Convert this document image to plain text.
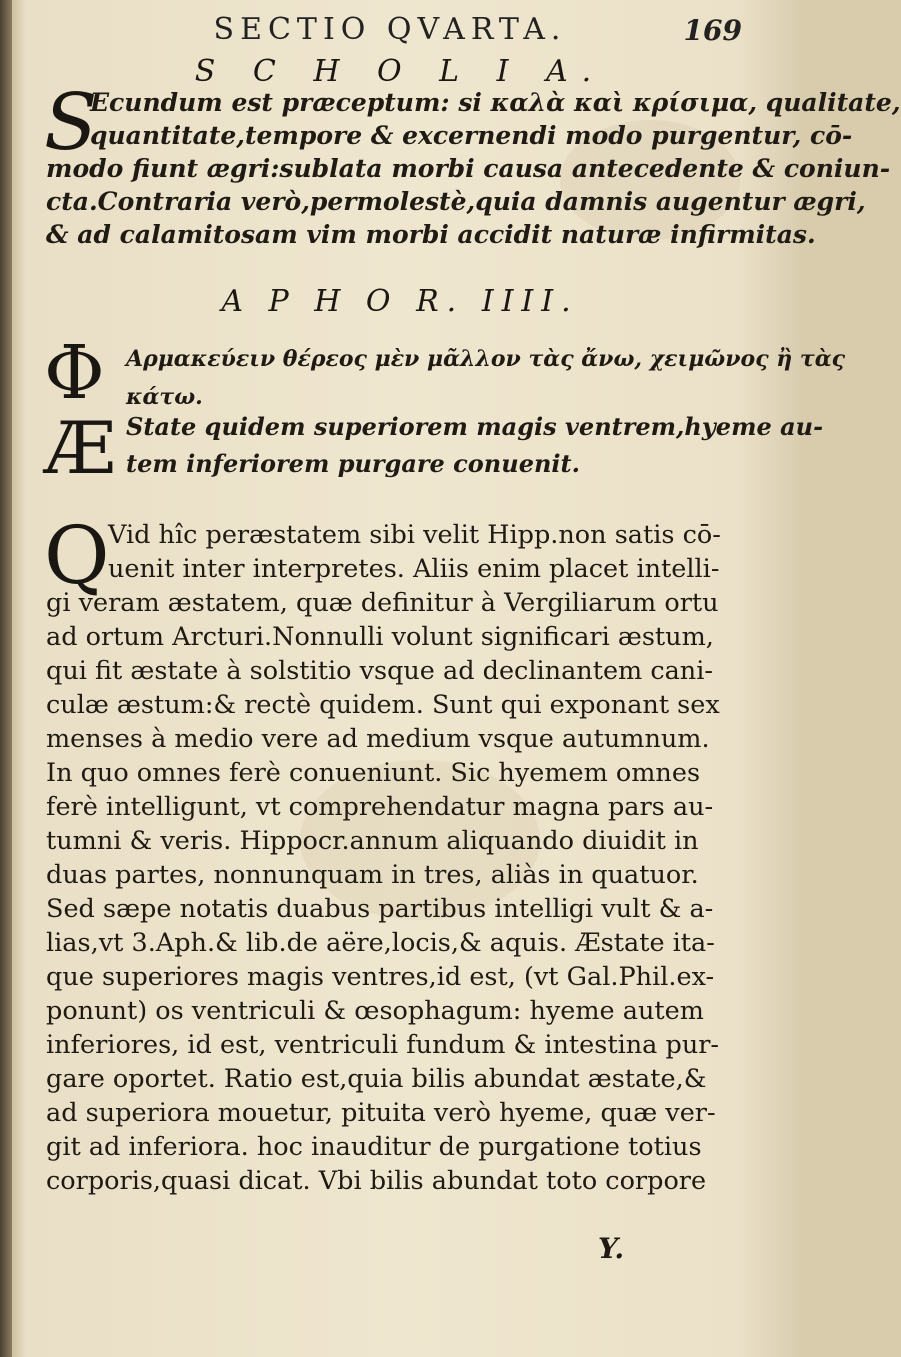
SECTIO QVARTA.	169
S C H O L I A.
S
Ecundum est præceptum: si καλὰ καὶ κρίσιμα, qualitate,
quantitate,tempore & excernendi modo purgentur, cō-
modo fiunt ægri:sublata morbi causa antecedente & coniun-
cta.Contraria verò,permolestè,quia damnis augentur ægri,
& ad calamitosam vim morbi accidit naturæ infirmitas.
A P H O R. IIII.
Φ Αρμακεύειν θέρεος μὲν μᾶλλον τὰς ἄνω, χειμῶνος ἢ τὰς
κάτω.
Æ State quidem superiorem magis ventrem,hyeme au-
tem inferiorem purgare conuenit.
Q
Vid hîc peræstatem sibi velit Hipp.non satis cō-
uenit inter interpretes. Aliis enim placet intelli-
gi veram æstatem, quæ definitur à Vergiliarum ortu
ad ortum Arcturi.Nonnulli volunt significari æstum,
qui fit æstate à solstitio vsque ad declinantem cani-
culæ æstum:& rectè quidem. Sunt qui exponant sex
menses à medio vere ad medium vsque autumnum.
In quo omnes ferè conueniunt. Sic hyemem omnes
ferè intelligunt, vt comprehendatur magna pars au-
tumni & veris. Hippocr.annum aliquando diuidit in
duas partes, nonnunquam in tres, aliàs in quatuor.
Sed sæpe notatis duabus partibus intelligi vult & a-
lias,vt 3.Aph.& lib.de aëre,locis,& aquis. Æstate ita-
que superiores magis ventres,id est, (vt Gal.Phil.ex-
ponunt) os ventriculi & œsophagum: hyeme autem
inferiores, id est, ventriculi fundum & intestina pur-
gare oportet. Ratio est,quia bilis abundat æstate,&
ad superiora mouetur, pituita verò hyeme, quæ ver-
git ad inferiora. hoc inauditur de purgatione totius
corporis,quasi dicat. Vbi bilis abundat toto corpore
Y.
